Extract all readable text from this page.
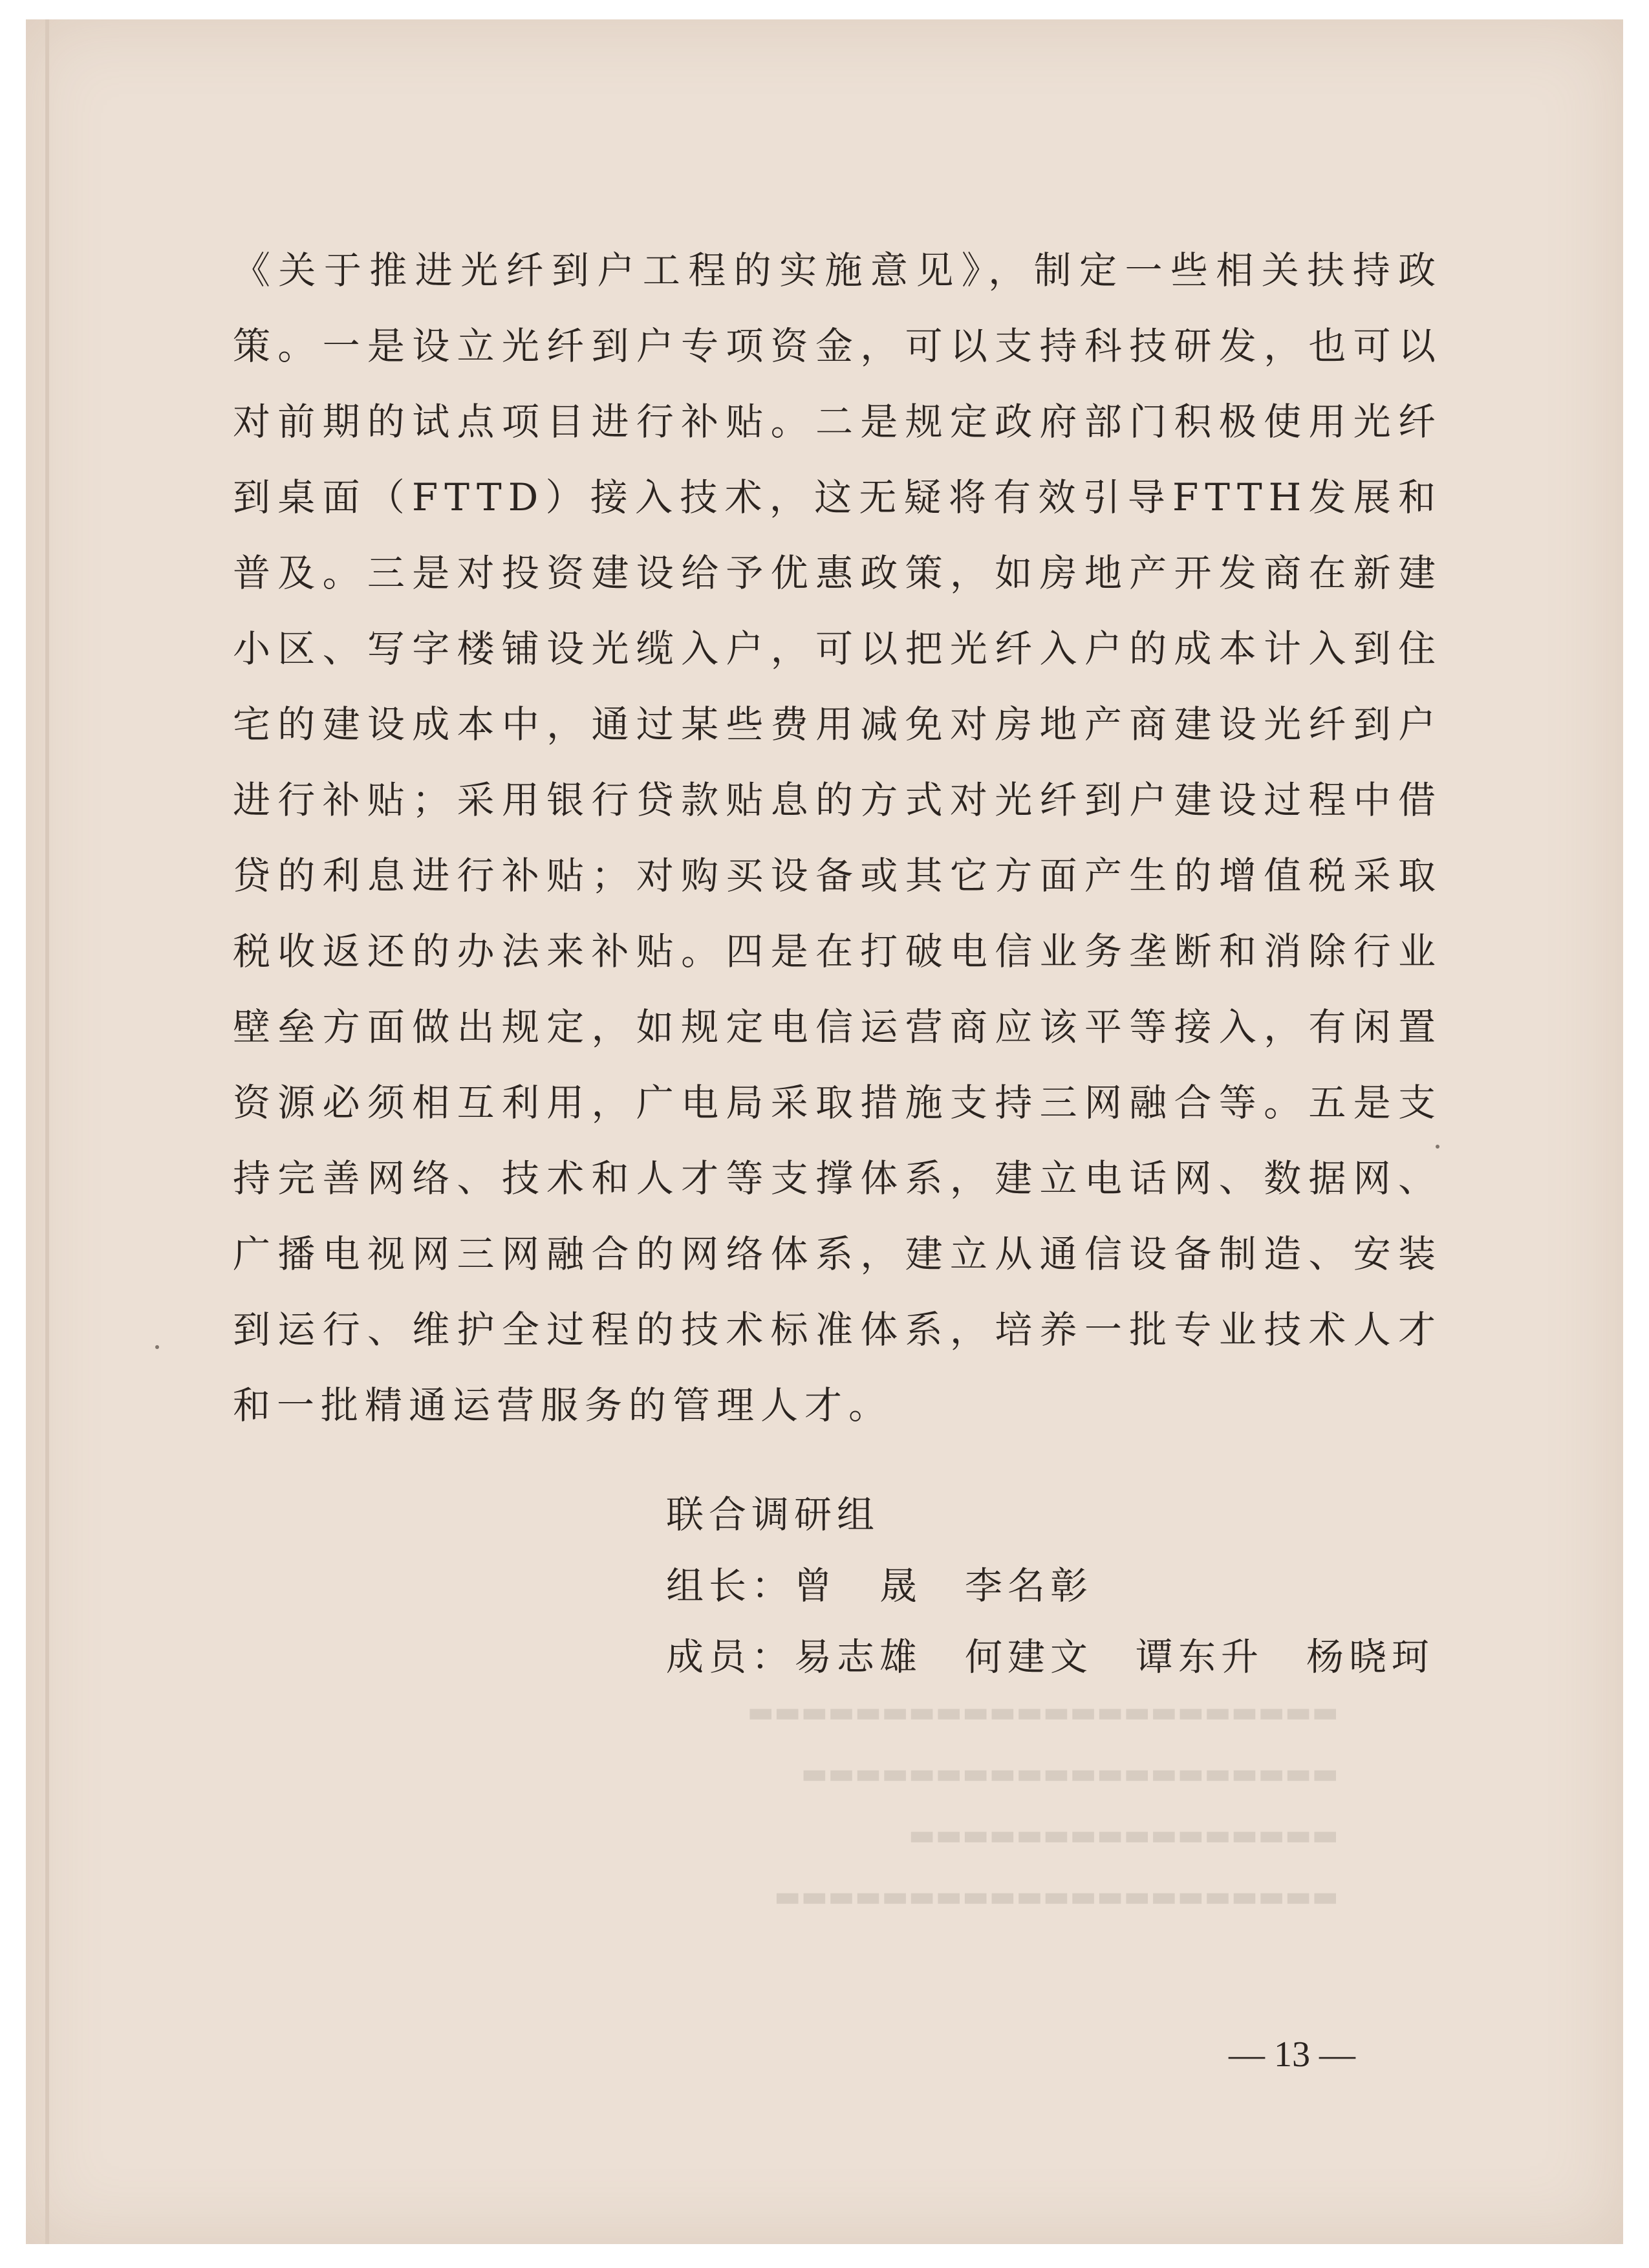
《关于推进光纤到户工程的实施意见》，制定一些相关扶持政策。一是设立光纤到户专项资金，可以支持科技研发，也可以对前期的试点项目进行补贴。二是规定政府部门积极使用光纤到桌面（FTTD）接入技术，这无疑将有效引导FTTH发展和普及。三是对投资建设给予优惠政策，如房地产开发商在新建小区、写字楼铺设光缆入户，可以把光纤入户的成本计入到住宅的建设成本中，通过某些费用减免对房地产商建设光纤到户进行补贴；采用银行贷款贴息的方式对光纤到户建设过程中借贷的利息进行补贴；对购买设备或其它方面产生的增值税采取税收返还的办法来补贴。四是在打破电信业务垄断和消除行业壁垒方面做出规定，如规定电信运营商应该平等接入，有闲置资源必须相互利用，广电局采取措施支持三网融合等。五是支持完善网络、技术和人才等支撑体系，建立电话网、数据网、广播电视网三网融合的网络体系，建立从通信设备制造、安装到运行、维护全过程的技术标准体系，培养一批专业技术人才和一批精通运营服务的管理人才。

联合调研组

组长：曾　晟　李名彰

成员：易志雄　何建文　谭东升　杨晓珂

▬▬▬▬▬▬▬▬▬▬▬▬▬▬▬▬▬▬▬▬▬▬
▬▬▬▬▬▬▬▬▬▬▬▬▬▬▬▬▬▬▬▬
▬▬▬▬▬▬▬▬▬▬▬▬▬▬▬▬
▬▬▬▬▬▬▬▬▬▬▬▬▬▬▬▬▬▬▬▬▬

— 13 —
